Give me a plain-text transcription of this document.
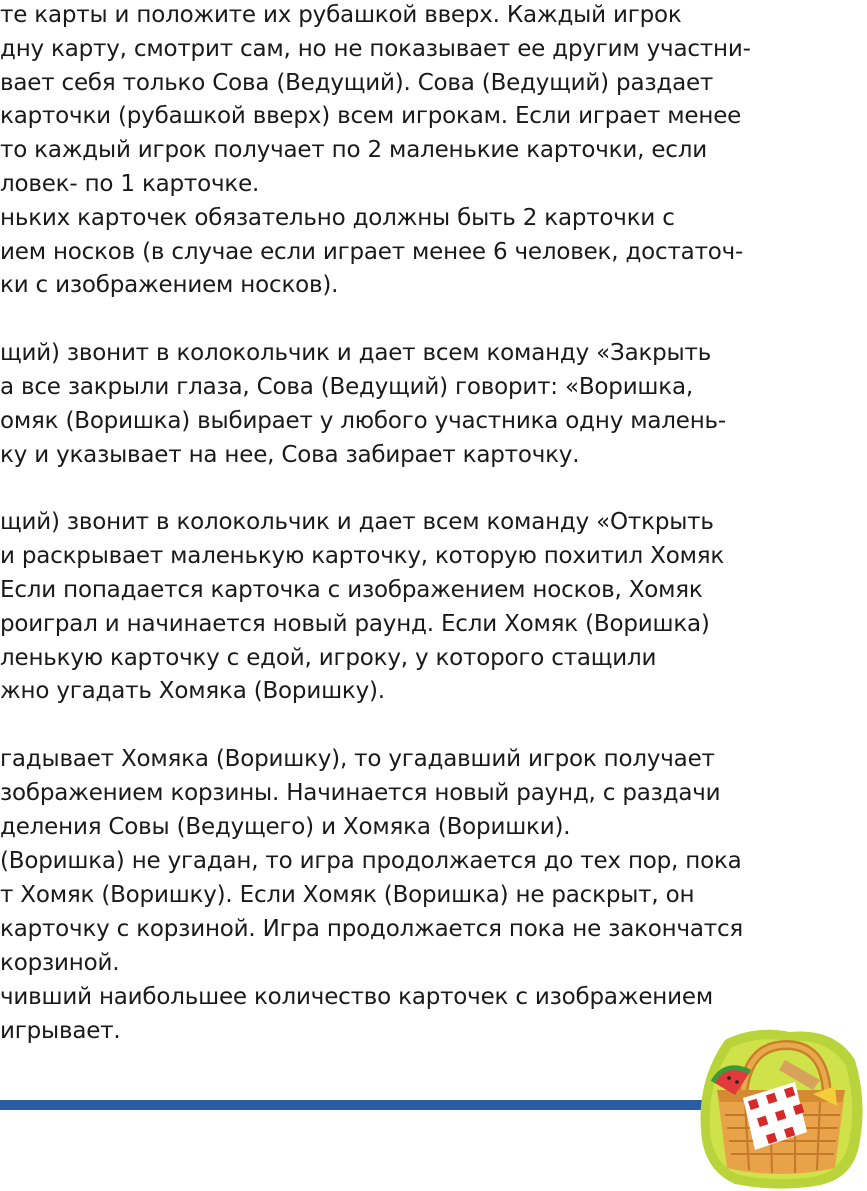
те карты и положите их рубашкой вверх. Каждый игрок
дну карту, смотрит сам, но не показывает ее другим участни-
вает себя только Сова (Ведущий). Сова (Ведущий) раздает
карточки (рубашкой вверх) всем игрокам. Если играет менее
то каждый игрок получает по 2 маленькие карточки, если
ловек- по 1 карточке.
ньких карточек обязательно должны быть 2 карточки с
ием носков (в случае если играет менее 6 человек, достаточ-
ки с изображением носков).
щий) звонит в колокольчик и дает всем команду «Закрыть
а все закрыли глаза, Сова (Ведущий) говорит: «Воришка,
омяк (Воришка) выбирает у любого участника одну малень-
ку и указывает на нее, Сова забирает карточку.
щий) звонит в колокольчик и дает всем команду «Открыть
и раскрывает маленькую карточку, которую похитил Хомяк
Если попадается карточка с изображением носков, Хомяк
роиграл и начинается новый раунд. Если Хомяк (Воришка)
ленькую карточку с едой, игроку, у которого стащили
жно угадать Хомяка (Воришку).
гадывает Хомяка (Воришку), то угадавший игрок получает
зображением корзины. Начинается новый раунд, с раздачи
деления Совы (Ведущего) и Хомяка (Воришки).
(Воришка) не угадан, то игра продолжается до тех пор, пока
т Хомяк (Воришку). Если Хомяк (Воришка) не раскрыт, он
карточку с корзиной. Игра продолжается пока не закончатся
корзиной.
чивший наибольшее количество карточек с изображением
игрывает.
